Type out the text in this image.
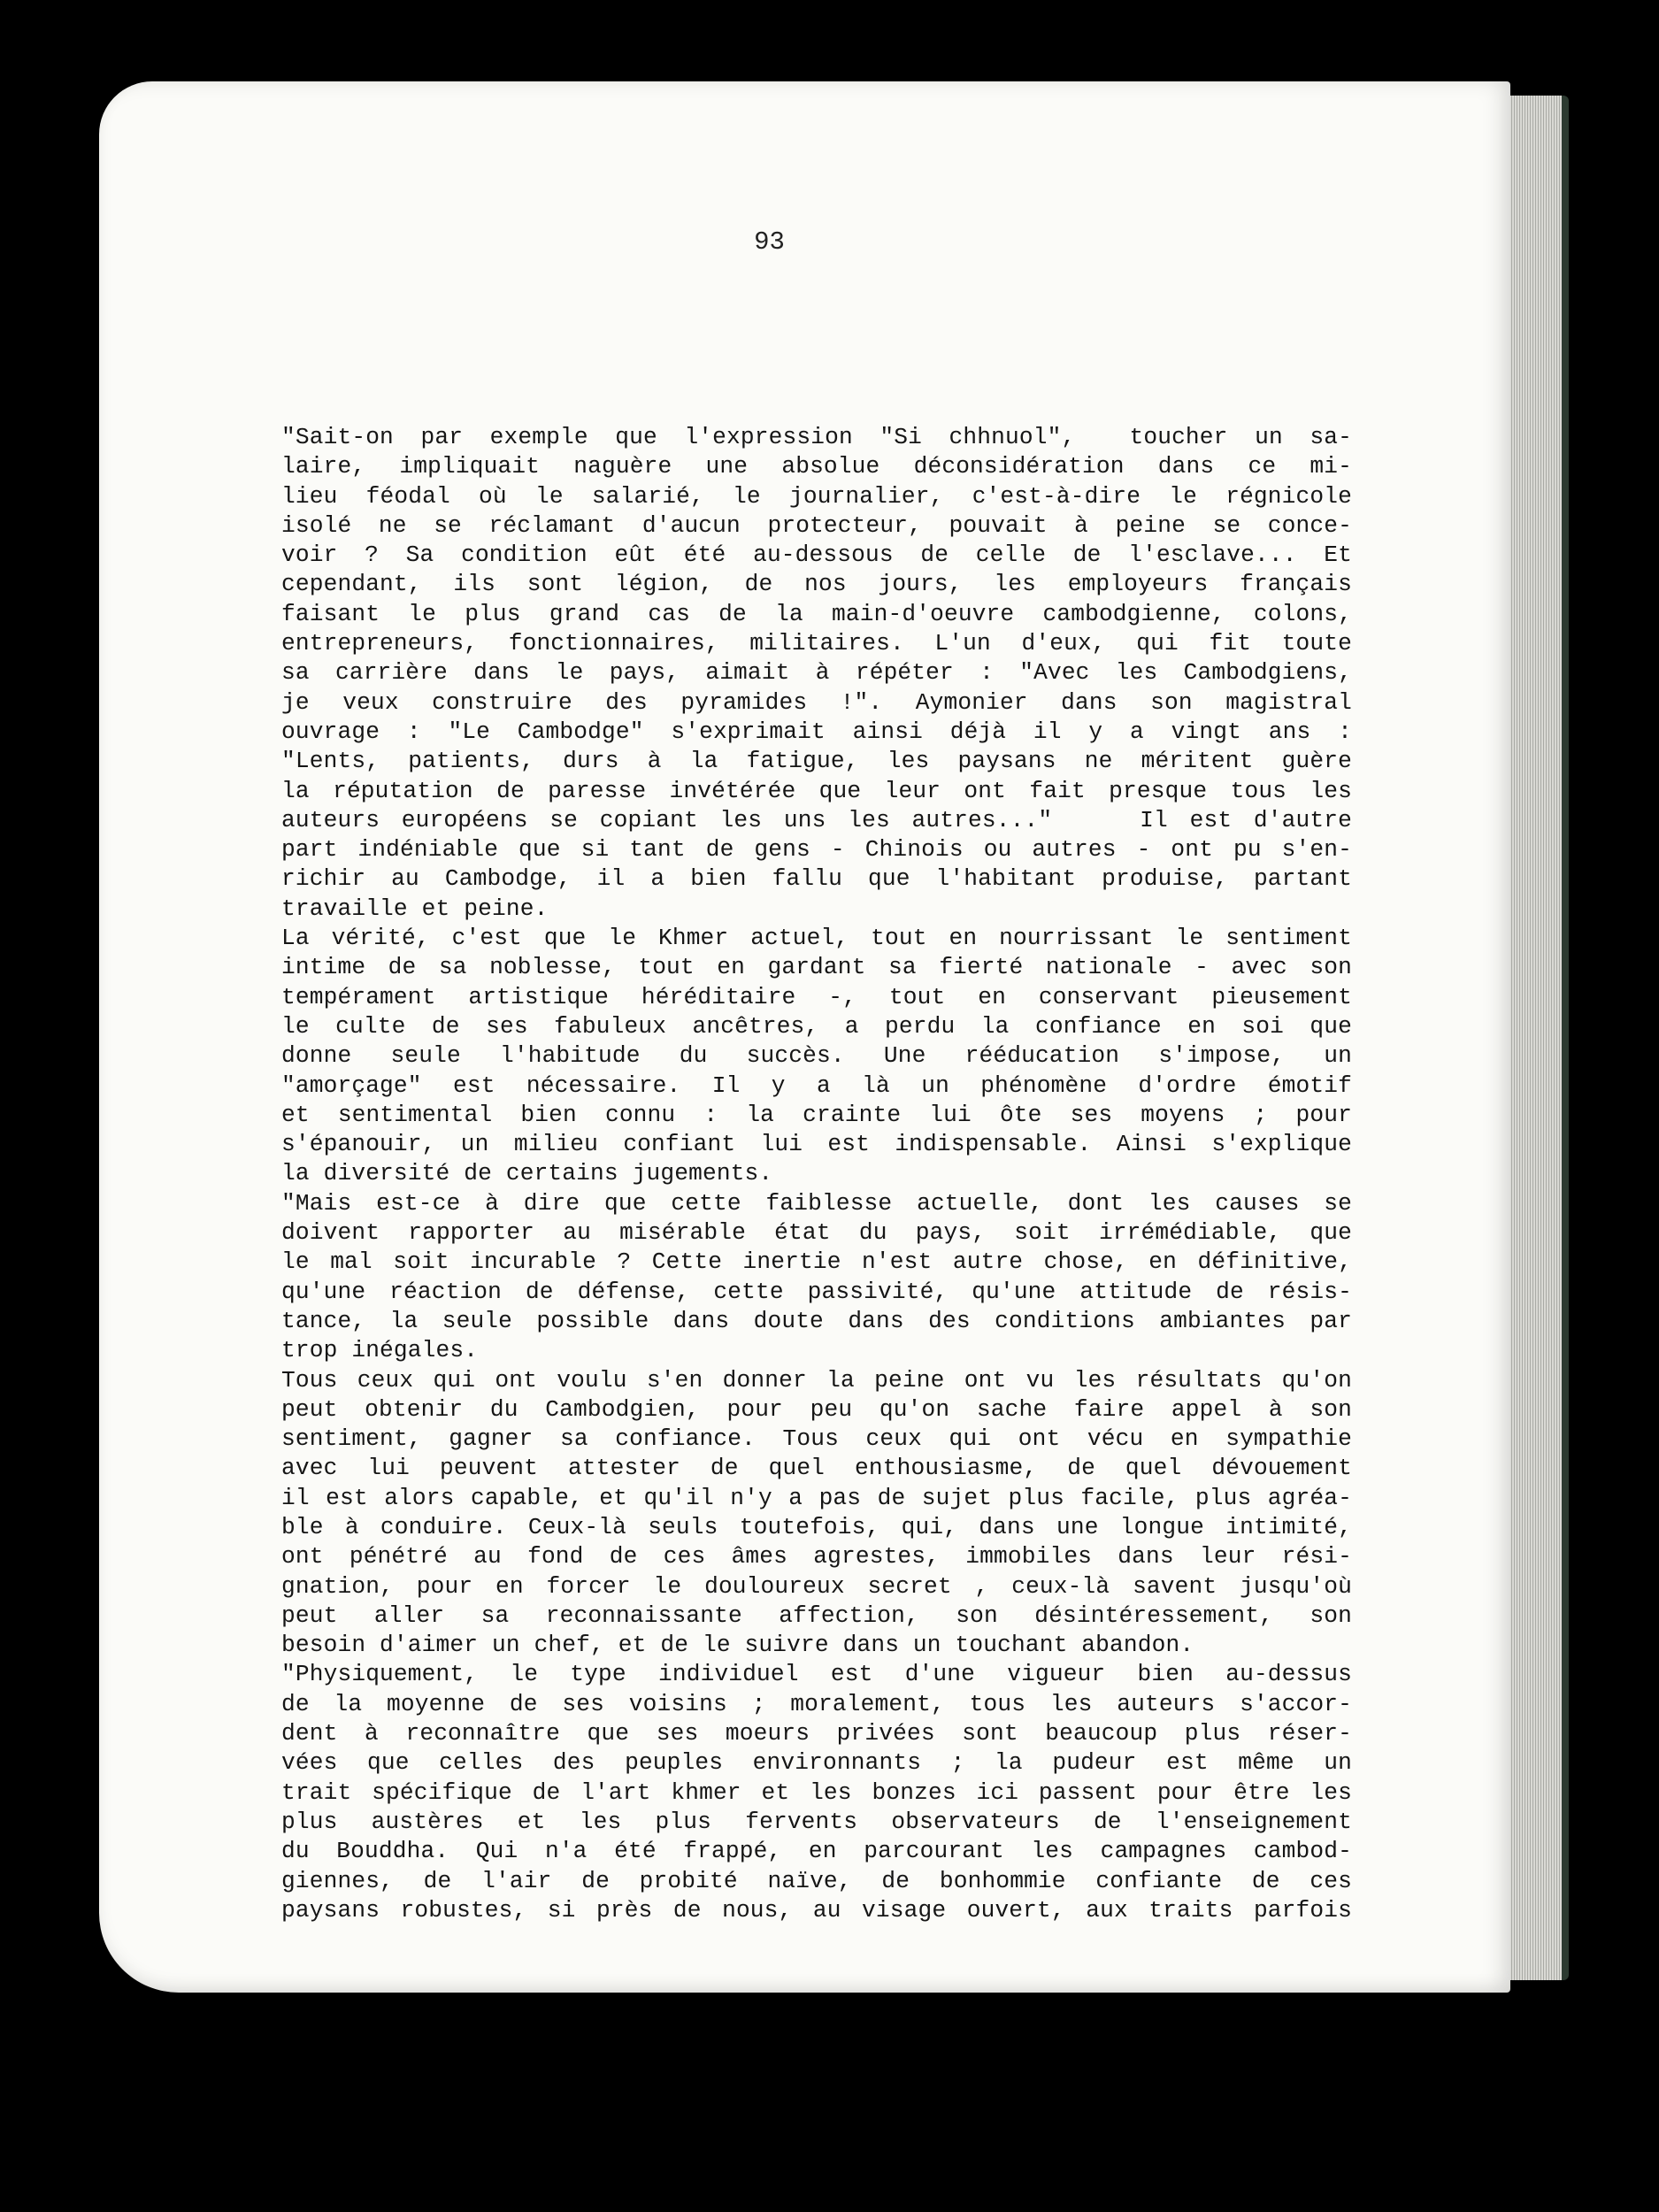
93
"Sait-on par exemple que l'expression "Si chhnuol",  toucher un sa-
laire, impliquait naguère une absolue déconsidération dans ce mi-
lieu féodal où le salarié, le journalier, c'est-à-dire le régnicole
isolé ne se réclamant d'aucun protecteur, pouvait à peine se conce-
voir ? Sa condition eût été au-dessous de celle de l'esclave... Et
cependant, ils sont légion, de nos jours, les employeurs français
faisant le plus grand cas de la main-d'oeuvre cambodgienne, colons,
entrepreneurs, fonctionnaires, militaires. L'un d'eux, qui fit toute
sa carrière dans le pays, aimait à répéter : "Avec les Cambodgiens,
je veux construire des pyramides !". Aymonier dans son magistral
ouvrage : "Le Cambodge" s'exprimait ainsi déjà il y a vingt ans :
"Lents, patients, durs à la fatigue, les paysans ne méritent guère
la réputation de paresse invétérée que leur ont fait presque tous les
auteurs européens se copiant les uns les autres..."    Il est d'autre
part indéniable que si tant de gens - Chinois ou autres - ont pu s'en-
richir au Cambodge, il a bien fallu que l'habitant produise, partant
travaille et peine.
La vérité, c'est que le Khmer actuel, tout en nourrissant le sentiment
intime de sa noblesse, tout en gardant sa fierté nationale - avec son
tempérament artistique héréditaire -, tout en conservant pieusement
le culte de ses fabuleux ancêtres, a perdu la confiance en soi que
donne seule l'habitude du succès. Une rééducation s'impose, un
"amorçage" est nécessaire. Il y a là un phénomène d'ordre émotif
et sentimental bien connu : la crainte lui ôte ses moyens ; pour
s'épanouir, un milieu confiant lui est indispensable. Ainsi s'explique
la diversité de certains jugements.
"Mais est-ce à dire que cette faiblesse actuelle, dont les causes se
doivent rapporter au misérable état du pays, soit irrémédiable, que
le mal soit incurable ? Cette inertie n'est autre chose, en définitive,
qu'une réaction de défense, cette passivité, qu'une attitude de résis-
tance, la seule possible dans doute dans des conditions ambiantes par
trop inégales.
Tous ceux qui ont voulu s'en donner la peine ont vu les résultats qu'on
peut obtenir du Cambodgien, pour peu qu'on sache faire appel à son
sentiment, gagner sa confiance. Tous ceux qui ont vécu en sympathie
avec lui peuvent attester de quel enthousiasme, de quel dévouement
il est alors capable, et qu'il n'y a pas de sujet plus facile, plus agréa-
ble à conduire. Ceux-là seuls toutefois, qui, dans une longue intimité,
ont pénétré au fond de ces âmes agrestes, immobiles dans leur rési-
gnation, pour en forcer le douloureux secret , ceux-là savent jusqu'où
peut aller sa reconnaissante affection, son désintéressement, son
besoin d'aimer un chef, et de le suivre dans un touchant abandon.
"Physiquement, le type individuel est d'une vigueur bien au-dessus
de la moyenne de ses voisins ; moralement, tous les auteurs s'accor-
dent à reconnaître que ses moeurs privées sont beaucoup plus réser-
vées que celles des peuples environnants ; la pudeur est même un
trait spécifique de l'art khmer et les bonzes ici passent pour être les
plus austères et les plus fervents observateurs de l'enseignement
du Bouddha. Qui n'a été frappé, en parcourant les campagnes cambod-
giennes, de l'air de probité naïve, de bonhommie confiante de ces
paysans robustes, si près de nous, au visage ouvert, aux traits parfois
